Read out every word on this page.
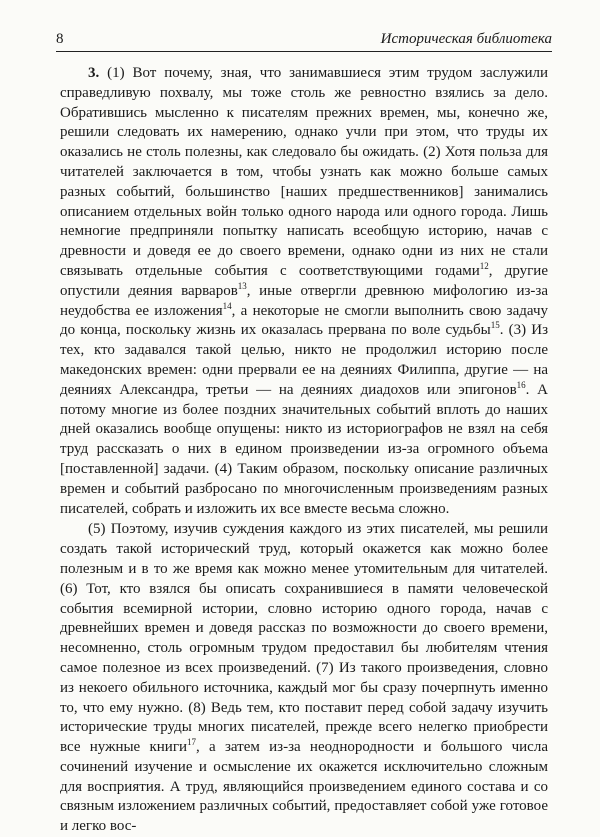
8	Историческая библиотека

3. (1) Вот почему, зная, что занимавшиеся этим трудом заслужили справедливую похвалу, мы тоже столь же ревностно взялись за дело. Обратившись мысленно к писателям прежних времен, мы, конечно же, решили следовать их намерению, однако учли при этом, что труды их оказались не столь полезны, как следовало бы ожидать. (2) Хотя польза для читателей заключается в том, чтобы узнать как можно больше самых разных событий, большинство [наших предшественников] занимались описанием отдельных войн только одного народа или одного города. Лишь немногие предприняли попытку написать всеобщую историю, начав с древности и доведя ее до своего времени, однако одни из них не стали связывать отдельные события с соответствующими годами$^{12}$, другие опустили деяния варваров$^{13}$, иные отвергли древнюю мифологию из-за неудобства ее изложения$^{14}$, а некоторые не смогли выполнить свою задачу до конца, поскольку жизнь их оказалась прервана по воле судьбы$^{15}$. (3) Из тех, кто задавался такой целью, никто не продолжил историю после македонских времен: одни прервали ее на деяниях Филиппа, другие — на деяниях Александра, третьи — на деяниях диадохов или эпигонов$^{16}$. А потому многие из более поздних значительных событий вплоть до наших дней оказались вообще опущены: никто из историографов не взял на себя труд рассказать о них в едином произведении из-за огромного объема [поставленной] задачи. (4) Таким образом, поскольку описание различных времен и событий разбросано по многочисленным произведениям разных писателей, собрать и изложить их все вместе весьма сложно.

(5) Поэтому, изучив суждения каждого из этих писателей, мы решили создать такой исторический труд, который окажется как можно более полезным и в то же время как можно менее утомительным для читателей. (6) Тот, кто взялся бы описать сохранившиеся в памяти человеческой события всемирной истории, словно историю одного города, начав с древнейших времен и доведя рассказ по возможности до своего времени, несомненно, столь огромным трудом предоставил бы любителям чтения самое полезное из всех произведений. (7) Из такого произведения, словно из некоего обильного источника, каждый мог бы сразу почерпнуть именно то, что ему нужно. (8) Ведь тем, кто поставит перед собой задачу изучить исторические труды многих писателей, прежде всего нелегко приобрести все нужные книги$^{17}$, а затем из-за неоднородности и большого числа сочинений изучение и осмысление их окажется исключительно сложным для восприятия. А труд, являющийся произведением единого состава и со связным изложением различных событий, предоставляет собой уже готовое и легко вос-
